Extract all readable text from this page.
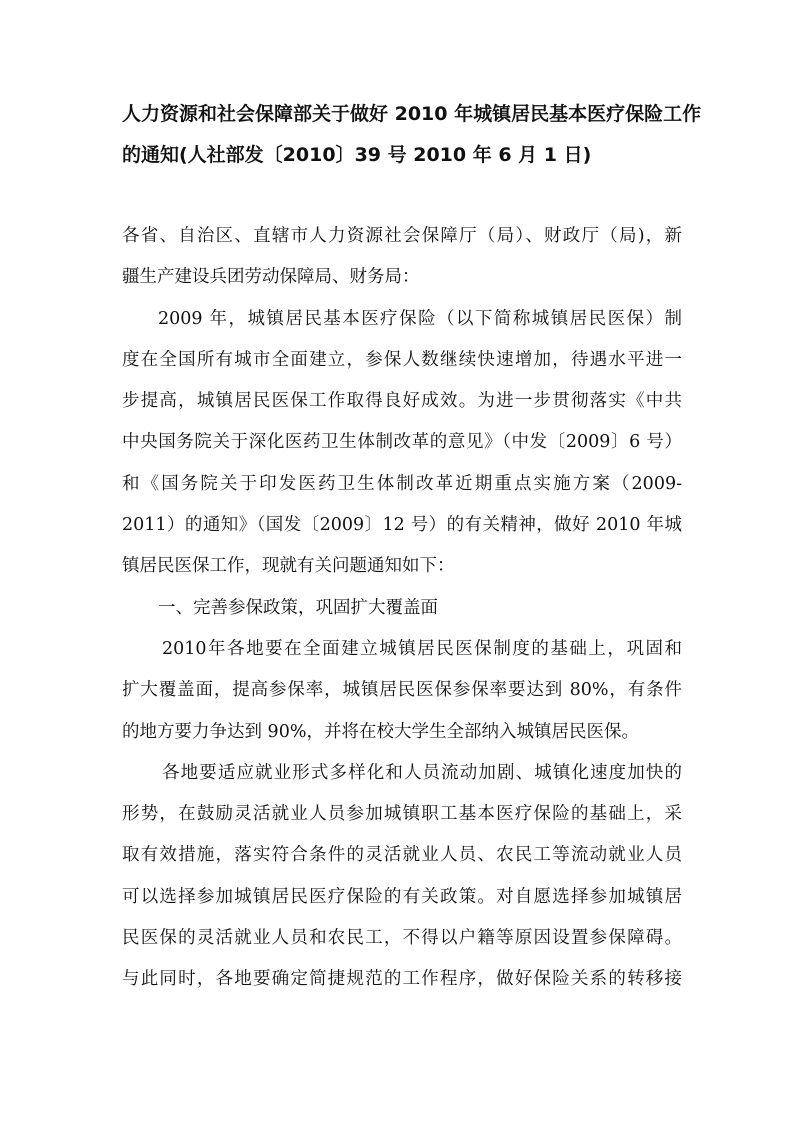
人力资源和社会保障部关于做好 2010 年城镇居民基本医疗保险工作
的通知(人社部发〔2010〕39 号 2010 年 6 月 1 日)
各省、自治区、直辖市人力资源社会保障厅（局）、财政厅（局)，新
疆生产建设兵团劳动保障局、财务局：
2009 年，城镇居民基本医疗保险（以下简称城镇居民医保）制
度在全国所有城市全面建立，参保人数继续快速增加，待遇水平进一
步提高，城镇居民医保工作取得良好成效。为进一步贯彻落实《中共
中央国务院关于深化医药卫生体制改革的意见》（中发〔2009〕6 号）
和《国务院关于印发医药卫生体制改革近期重点实施方案（2009-
2011）的通知》（国发〔2009〕12 号）的有关精神，做好 2010 年城
镇居民医保工作，现就有关问题通知如下：
一、完善参保政策，巩固扩大覆盖面
2010年各地要在全面建立城镇居民医保制度的基础上，巩固和
扩大覆盖面，提高参保率，城镇居民医保参保率要达到 80%，有条件
的地方要力争达到 90%，并将在校大学生全部纳入城镇居民医保。
各地要适应就业形式多样化和人员流动加剧、城镇化速度加快的
形势，在鼓励灵活就业人员参加城镇职工基本医疗保险的基础上，采
取有效措施，落实符合条件的灵活就业人员、农民工等流动就业人员
可以选择参加城镇居民医疗保险的有关政策。对自愿选择参加城镇居
民医保的灵活就业人员和农民工，不得以户籍等原因设置参保障碍。
与此同时，各地要确定简捷规范的工作程序，做好保险关系的转移接
